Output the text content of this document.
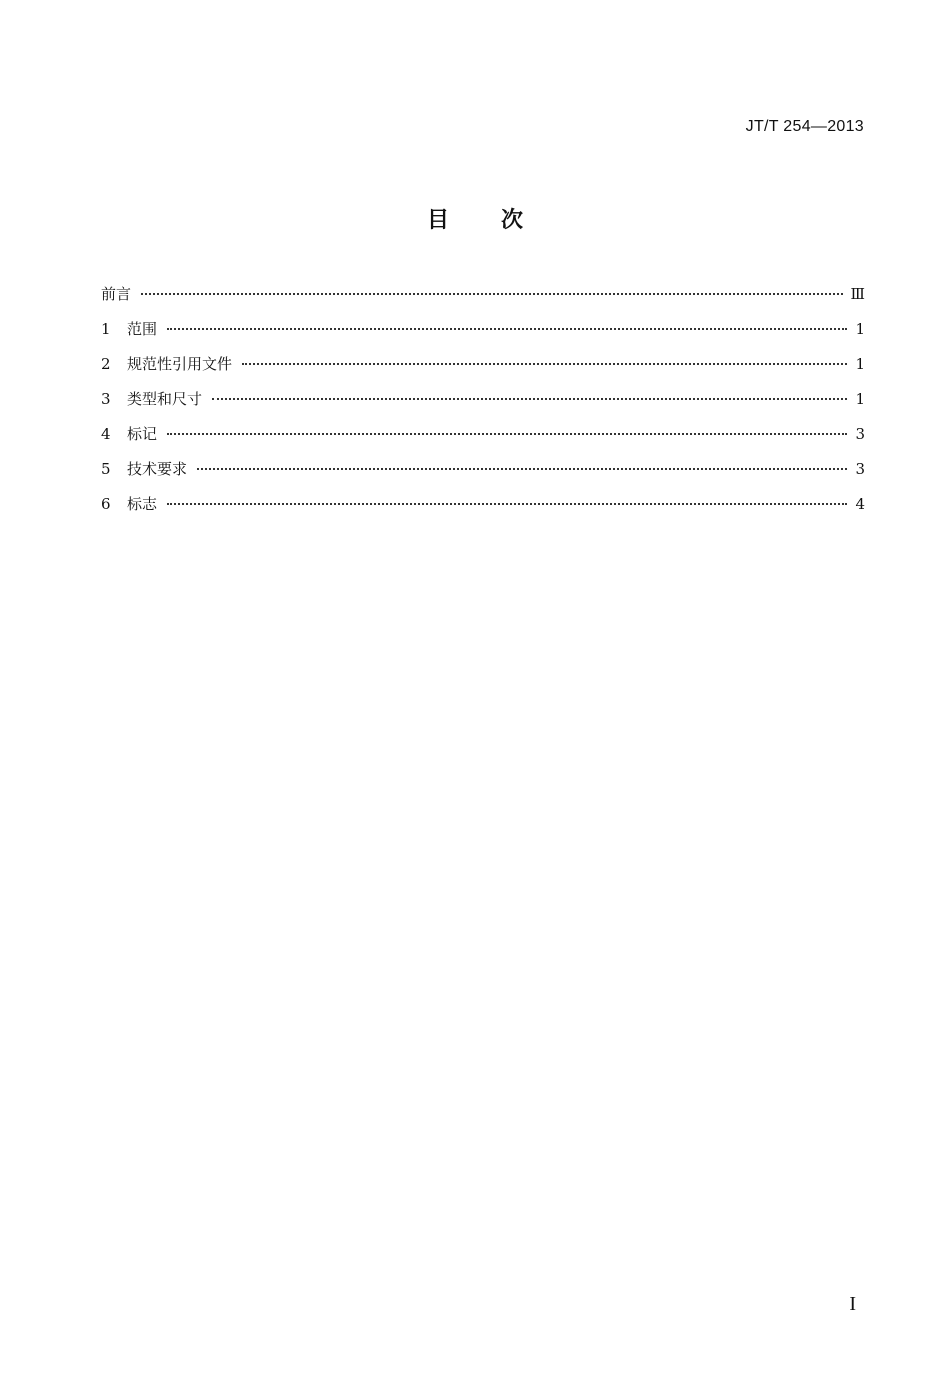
JT/T 254—2013
目 次
前言	Ⅲ
1	范围	1
2	规范性引用文件	1
3	类型和尺寸	1
4	标记	3
5	技术要求	3
6	标志	4
I
